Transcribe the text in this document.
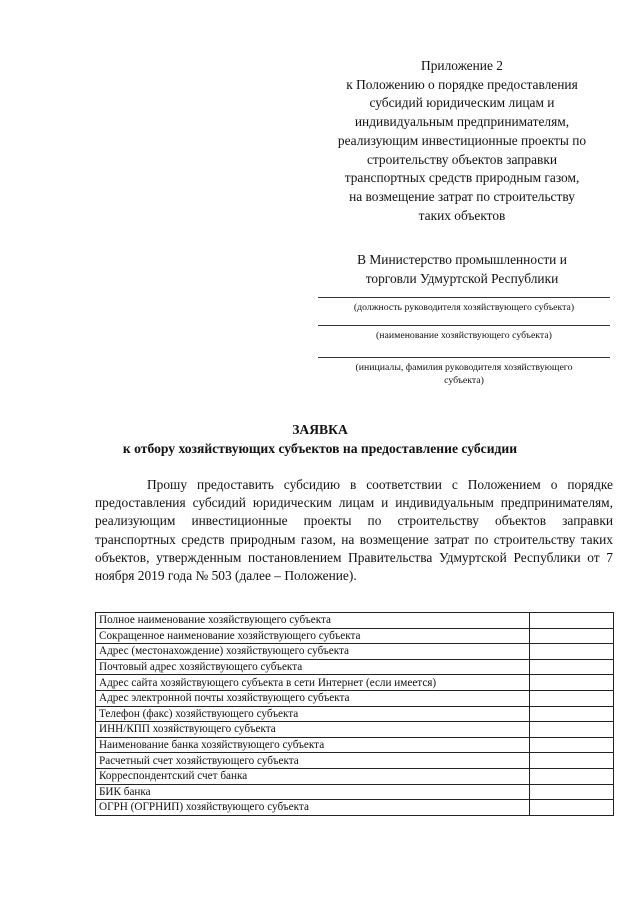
Приложение 2
к Положению о порядке предоставления
субсидий юридическим лицам и
индивидуальным предпринимателям,
реализующим инвестиционные проекты по
строительству объектов заправки
транспортных средств природным газом,
на возмещение затрат по строительству
таких объектов
В Министерство промышленности и
торговли Удмуртской Республики
(должность руководителя хозяйствующего субъекта)
(наименование хозяйствующего субъекта)
(инициалы, фамилия руководителя хозяйствующего
субъекта)
ЗАЯВКА
к отбору хозяйствующих субъектов на предоставление субсидии
Прошу предоставить субсидию в соответствии с Положением о порядке предоставления субсидий юридическим лицам и индивидуальным предпринимателям, реализующим инвестиционные проекты по строительству объектов заправки транспортных средств природным газом, на возмещение затрат по строительству таких объектов, утвержденным постановлением Правительства Удмуртской Республики от 7 ноября 2019 года № 503 (далее – Положение).
Полное наименование хозяйствующего субъекта	
Сокращенное наименование хозяйствующего субъекта	
Адрес (местонахождение) хозяйствующего субъекта	
Почтовый адрес хозяйствующего субъекта	
Адрес сайта хозяйствующего субъекта в сети Интернет (если имеется)	
Адрес электронной почты хозяйствующего субъекта	
Телефон (факс) хозяйствующего субъекта	
ИНН/КПП хозяйствующего субъекта	
Наименование банка хозяйствующего субъекта	
Расчетный счет хозяйствующего субъекта	
Корреспондентский счет банка	
БИК банка	
ОГРН (ОГРНИП) хозяйствующего субъекта	
